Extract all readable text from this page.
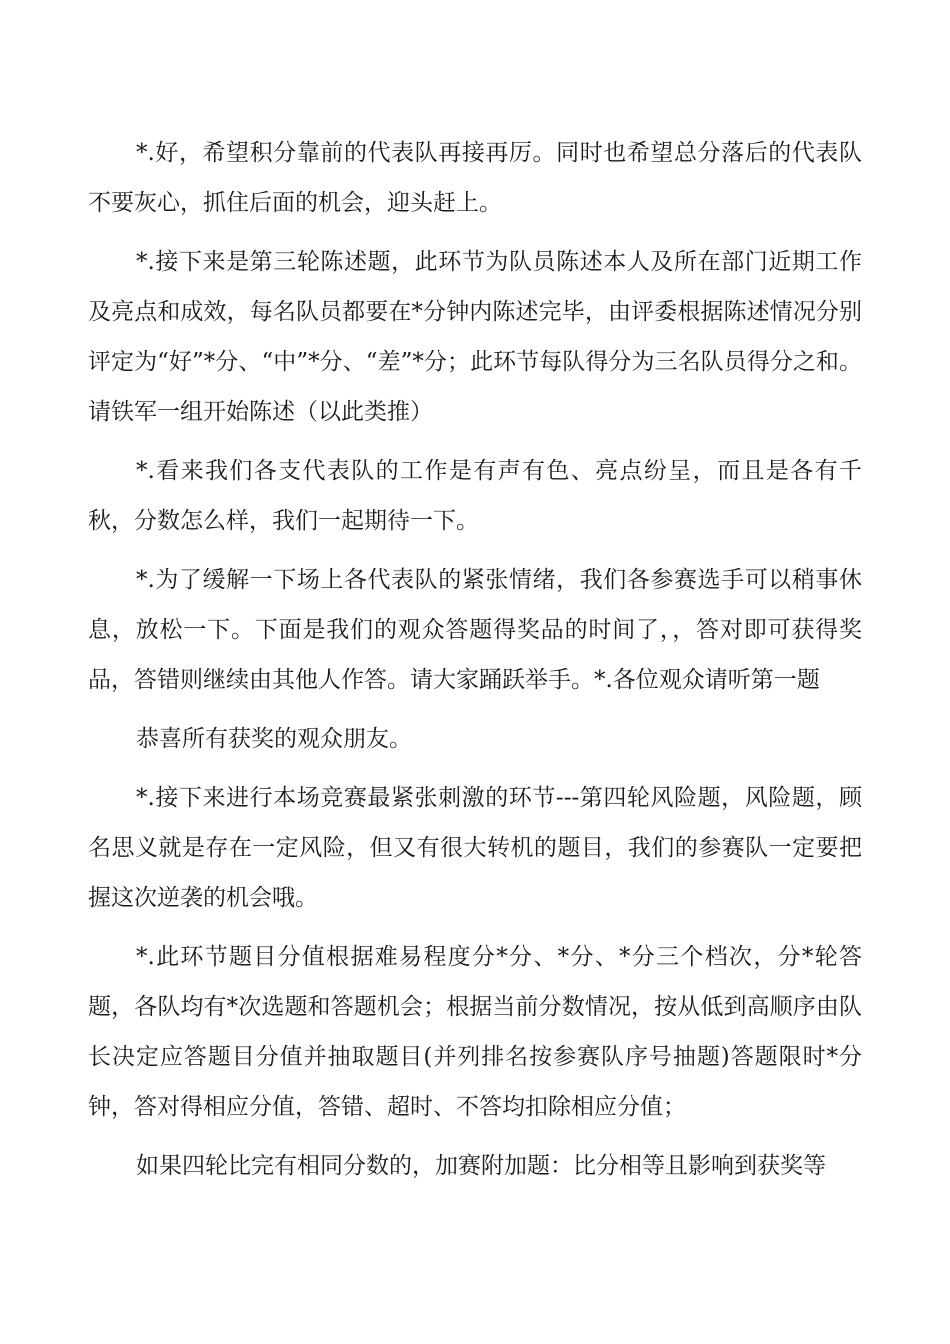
*.好，希望积分靠前的代表队再接再厉。同时也希望总分落后的代表队不要灰心，抓住后面的机会，迎头赶上。

*.接下来是第三轮陈述题，此环节为队员陈述本人及所在部门近期工作及亮点和成效，每名队员都要在*分钟内陈述完毕，由评委根据陈述情况分别评定为“好”*分、“中”*分、“差”*分；此环节每队得分为三名队员得分之和。请铁军一组开始陈述（以此类推）

*.看来我们各支代表队的工作是有声有色、亮点纷呈，而且是各有千秋，分数怎么样，我们一起期待一下。

*.为了缓解一下场上各代表队的紧张情绪，我们各参赛选手可以稍事休息，放松一下。下面是我们的观众答题得奖品的时间了，，答对即可获得奖品，答错则继续由其他人作答。请大家踊跃举手。*.各位观众请听第一题

恭喜所有获奖的观众朋友。

*.接下来进行本场竞赛最紧张刺激的环节---第四轮风险题，风险题，顾名思义就是存在一定风险，但又有很大转机的题目，我们的参赛队一定要把握这次逆袭的机会哦。

*.此环节题目分值根据难易程度分*分、*分、*分三个档次，分*轮答题，各队均有*次选题和答题机会；根据当前分数情况，按从低到高顺序由队长决定应答题目分值并抽取题目(并列排名按参赛队序号抽题)答题限时*分钟，答对得相应分值，答错、超时、不答均扣除相应分值；

如果四轮比完有相同分数的，加赛附加题：比分相等且影响到获奖等
